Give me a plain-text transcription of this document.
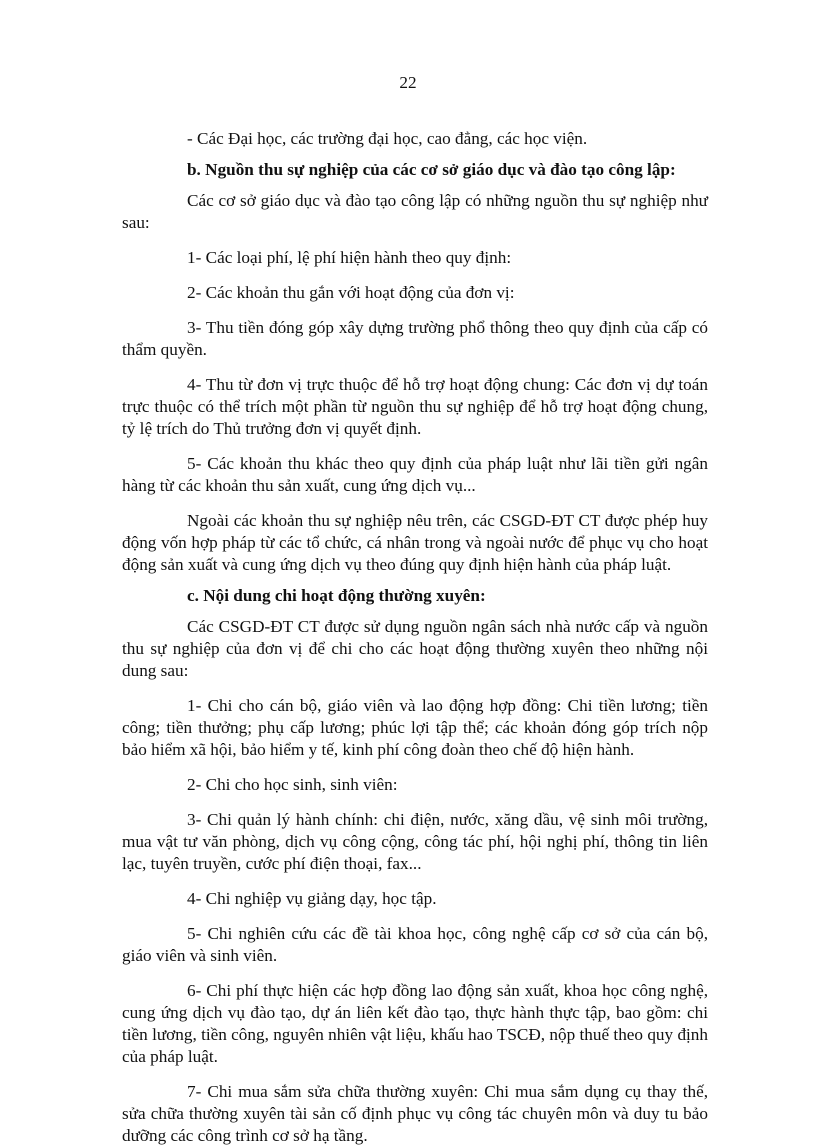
22

- Các Đại học, các trường đại học, cao đẳng, các học viện.

b. Nguồn thu sự nghiệp của các cơ sở giáo dục và đào tạo công lập:

Các cơ sở giáo dục và đào tạo công lập có những nguồn thu sự nghiệp như sau:

1- Các loại phí, lệ phí hiện hành theo quy định:

2- Các khoản thu gắn với hoạt động của đơn vị:

3- Thu tiền đóng góp xây dựng trường phổ thông theo quy định của cấp có thẩm quyền.

4- Thu từ đơn vị trực thuộc để hỗ trợ hoạt động chung: Các đơn vị dự toán trực thuộc có thể trích một phần từ nguồn thu sự nghiệp để hỗ trợ hoạt động chung, tỷ lệ trích do Thủ trưởng đơn vị quyết định.

5- Các khoản thu khác theo quy định của pháp luật như lãi tiền gửi ngân hàng từ các khoản thu sản xuất, cung ứng dịch vụ...

Ngoài các khoản thu sự nghiệp nêu trên, các CSGD-ĐT CT được phép huy động vốn hợp pháp từ các tổ chức, cá nhân trong và ngoài nước để phục vụ cho hoạt động sản xuất và cung ứng dịch vụ theo đúng quy định hiện hành của pháp luật.

c. Nội dung chi hoạt động thường xuyên:

Các CSGD-ĐT CT được sử dụng nguồn ngân sách nhà nước cấp và nguồn thu sự nghiệp của đơn vị để chi cho các hoạt động thường xuyên theo những nội dung sau:

1- Chi cho cán bộ, giáo viên và lao động hợp đồng: Chi tiền lương; tiền công; tiền thưởng; phụ cấp lương; phúc lợi tập thể; các khoản đóng góp trích nộp bảo hiểm xã hội, bảo hiểm y tế, kinh phí công đoàn theo chế độ hiện hành.

2- Chi cho học sinh, sinh viên:

3- Chi quản lý hành chính: chi điện, nước, xăng dầu, vệ sinh môi trường, mua vật tư văn phòng, dịch vụ công cộng, công tác phí, hội nghị phí, thông tin liên lạc, tuyên truyền, cước phí điện thoại, fax...

4- Chi nghiệp vụ giảng dạy, học tập.

5- Chi nghiên cứu các đề tài khoa học, công nghệ cấp cơ sở của cán bộ, giáo viên và sinh viên.

6- Chi phí thực hiện các hợp đồng lao động sản xuất, khoa học công nghệ, cung ứng dịch vụ đào tạo, dự án liên kết đào tạo, thực hành thực tập, bao gồm: chi tiền lương, tiền công, nguyên nhiên vật liệu, khấu hao TSCĐ, nộp thuế theo quy định của pháp luật.

7- Chi mua sắm sửa chữa thường xuyên: Chi mua sắm dụng cụ thay thế, sửa chữa thường xuyên tài sản cố định phục vụ công tác chuyên môn và duy tu bảo dưỡng các công trình cơ sở hạ tầng.
